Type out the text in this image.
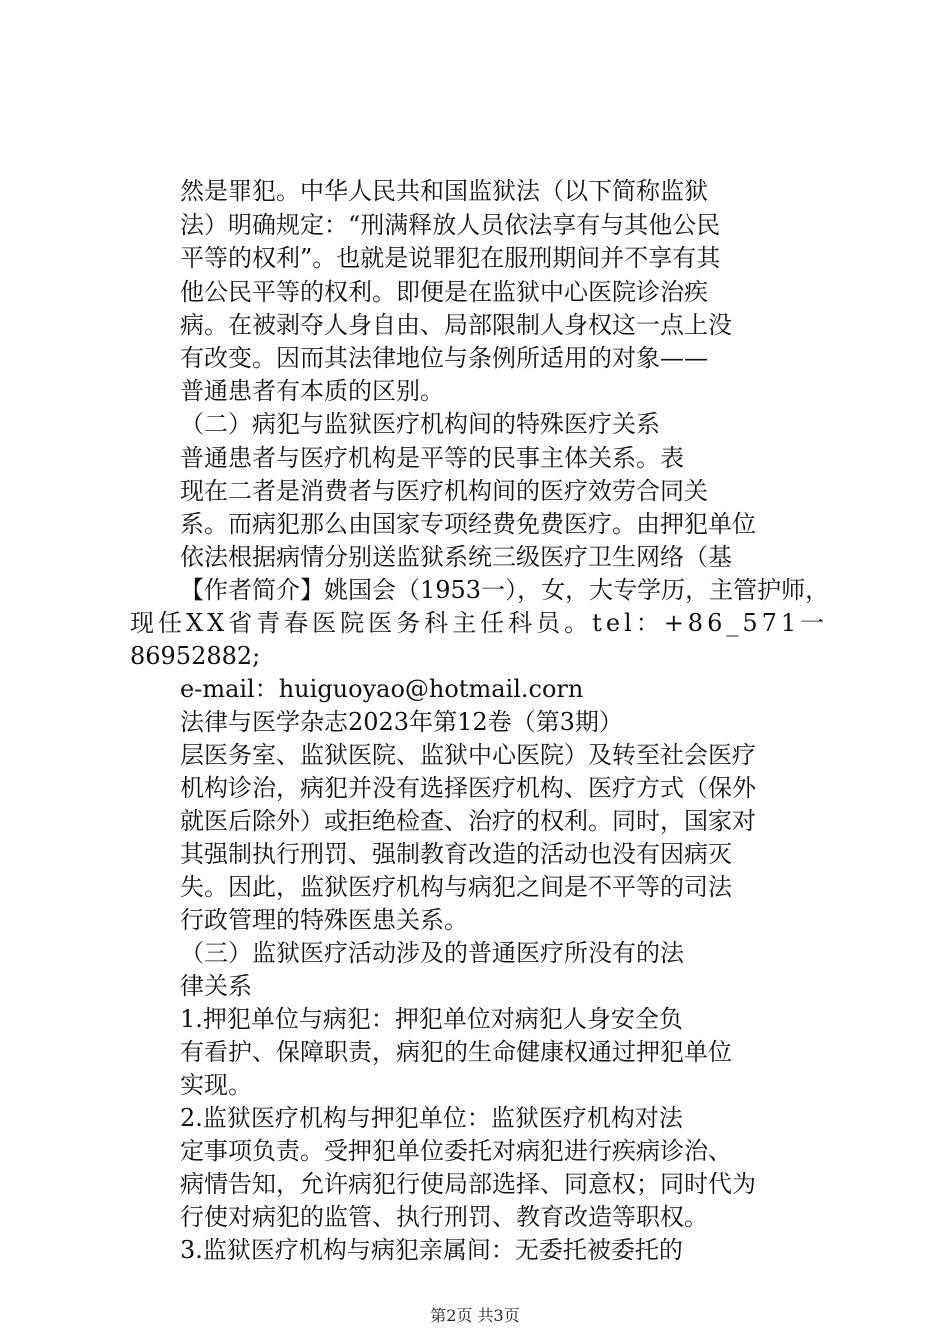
然是罪犯。中华人民共和国监狱法（以下简称监狱
法）明确规定：“刑满释放人员依法享有与其他公民
平等的权利”。也就是说罪犯在服刑期间并不享有其
他公民平等的权利。即便是在监狱中心医院诊治疾
病。在被剥夺人身自由、局部限制人身权这一点上没
有改变。因而其法律地位与条例所适用的对象——
普通患者有本质的区别。
（二）病犯与监狱医疗机构间的特殊医疗关系
普通患者与医疗机构是平等的民事主体关系。表
现在二者是消费者与医疗机构间的医疗效劳合同关
系。而病犯那么由国家专项经费免费医疗。由押犯单位
依法根据病情分别送监狱系统三级医疗卫生网络（基
【作者简介】姚国会（1953一），女，大专学历，主管护师，
现任XX省青春医院医务科主任科员。tel：+86_571一
86952882;
e-mail：huiguoyao@hotmail.corn
法律与医学杂志2023年第12卷（第3期）
层医务室、监狱医院、监狱中心医院）及转至社会医疗
机构诊治，病犯并没有选择医疗机构、医疗方式（保外
就医后除外）或拒绝检查、治疗的权利。同时，国家对
其强制执行刑罚、强制教育改造的活动也没有因病灭
失。因此，监狱医疗机构与病犯之间是不平等的司法
行政管理的特殊医患关系。
（三）监狱医疗活动涉及的普通医疗所没有的法
律关系
1.押犯单位与病犯：押犯单位对病犯人身安全负
有看护、保障职责，病犯的生命健康权通过押犯单位
实现。
2.监狱医疗机构与押犯单位：监狱医疗机构对法
定事项负责。受押犯单位委托对病犯进行疾病诊治、
病情告知，允许病犯行使局部选择、同意权；同时代为
行使对病犯的监管、执行刑罚、教育改造等职权。
3.监狱医疗机构与病犯亲属间：无委托被委托的
第2页 共3页
